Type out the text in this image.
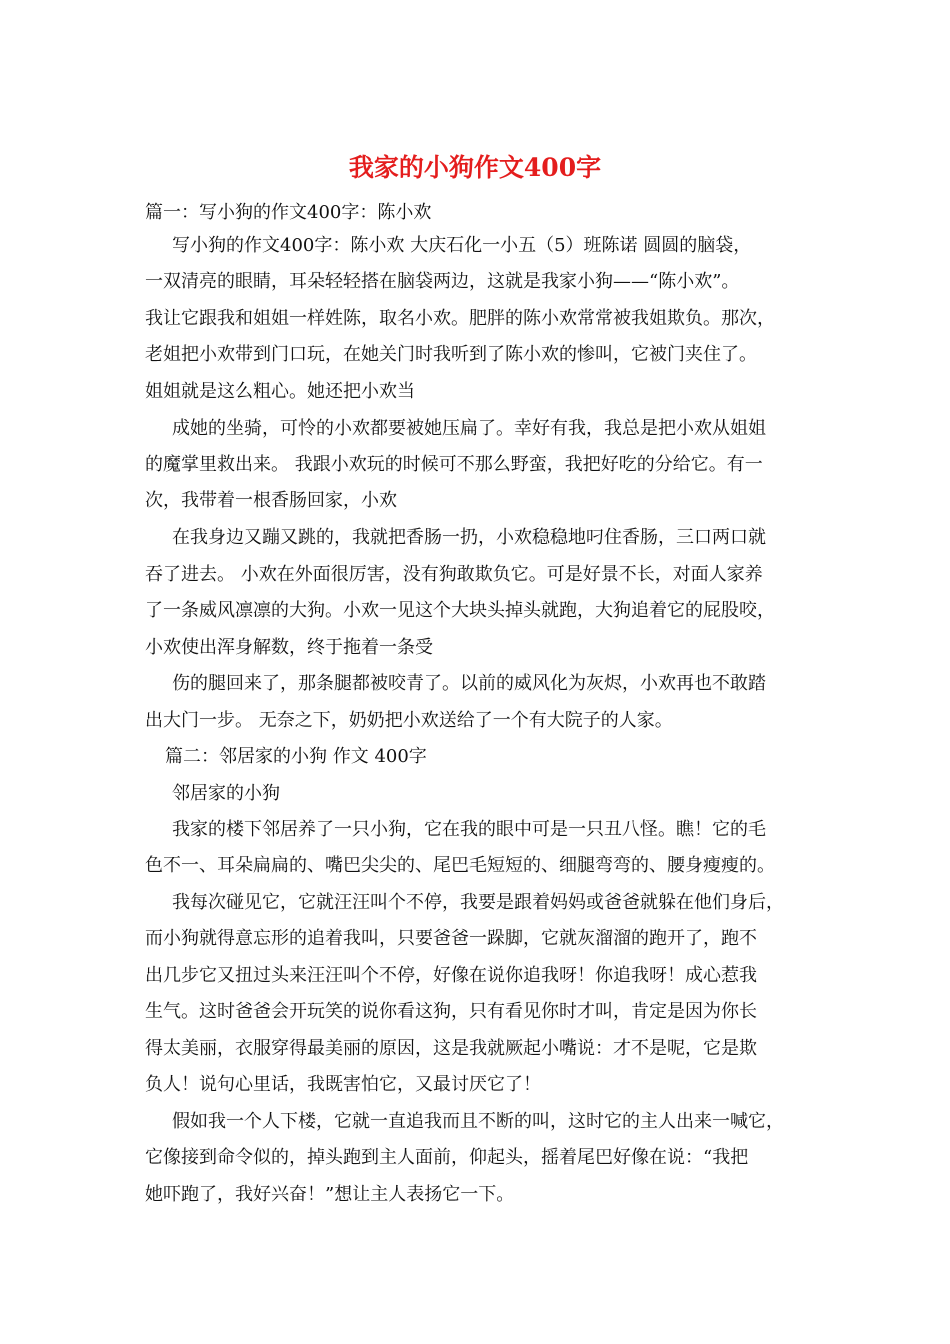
我家的小狗作文400字
篇一：写小狗的作文400字：陈小欢
写小狗的作文400字：陈小欢 大庆石化一小五（5）班陈诺 圆圆的脑袋，
一双清亮的眼睛，耳朵轻轻搭在脑袋两边，这就是我家小狗——“陈小欢”。
我让它跟我和姐姐一样姓陈，取名小欢。肥胖的陈小欢常常被我姐欺负。那次，
老姐把小欢带到门口玩，在她关门时我听到了陈小欢的惨叫，它被门夹住了。
姐姐就是这么粗心。她还把小欢当
成她的坐骑，可怜的小欢都要被她压扁了。幸好有我，我总是把小欢从姐姐
的魔掌里救出来。 我跟小欢玩的时候可不那么野蛮，我把好吃的分给它。有一
次，我带着一根香肠回家，小欢
在我身边又蹦又跳的，我就把香肠一扔，小欢稳稳地叼住香肠，三口两口就
吞了进去。 小欢在外面很厉害，没有狗敢欺负它。可是好景不长，对面人家养
了一条威风凛凛的大狗。小欢一见这个大块头掉头就跑，大狗追着它的屁股咬，
小欢使出浑身解数，终于拖着一条受
伤的腿回来了，那条腿都被咬青了。以前的威风化为灰烬，小欢再也不敢踏
出大门一步。 无奈之下，奶奶把小欢送给了一个有大院子的人家。
篇二：邻居家的小狗 作文 400字
邻居家的小狗
我家的楼下邻居养了一只小狗，它在我的眼中可是一只丑八怪。瞧！它的毛
色不一、耳朵扁扁的、嘴巴尖尖的、尾巴毛短短的、细腿弯弯的、腰身瘦瘦的。
我每次碰见它，它就汪汪叫个不停，我要是跟着妈妈或爸爸就躲在他们身后，
而小狗就得意忘形的追着我叫，只要爸爸一跺脚，它就灰溜溜的跑开了，跑不
出几步它又扭过头来汪汪叫个不停，好像在说你追我呀！你追我呀！成心惹我
生气。这时爸爸会开玩笑的说你看这狗，只有看见你时才叫，肯定是因为你长
得太美丽，衣服穿得最美丽的原因，这是我就厥起小嘴说：才不是呢，它是欺
负人！说句心里话，我既害怕它，又最讨厌它了！
假如我一个人下楼，它就一直追我而且不断的叫，这时它的主人出来一喊它，
它像接到命令似的，掉头跑到主人面前，仰起头，摇着尾巴好像在说：“我把
她吓跑了，我好兴奋！”想让主人表扬它一下。
